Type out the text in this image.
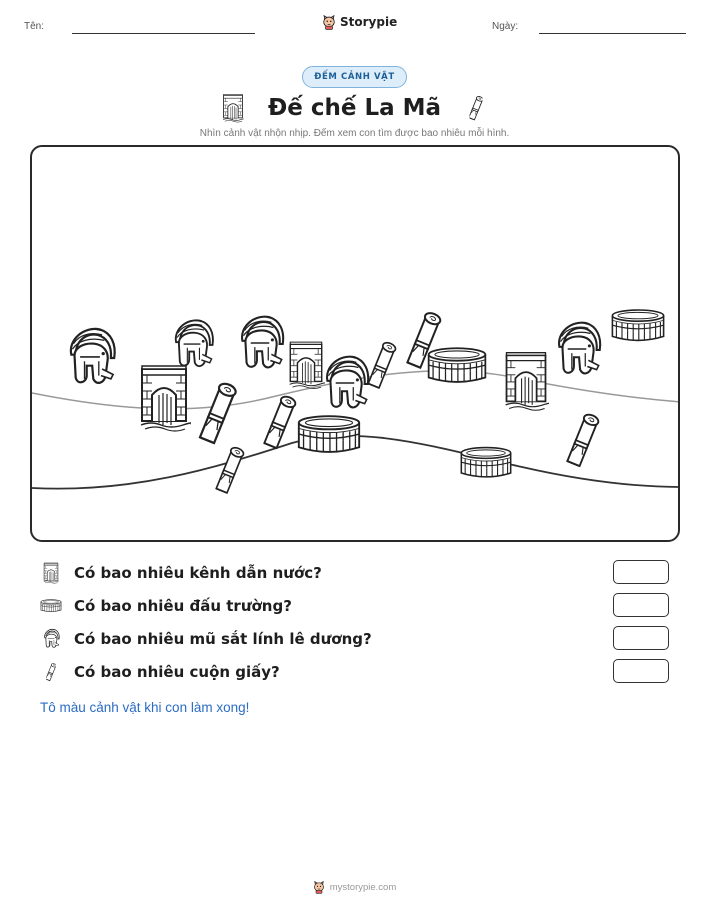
Tên:	Storypie	Ngày:
ĐẾM CẢNH VẬT
Đế chế La Mã
Nhìn cảnh vật nhộn nhịp. Đếm xem con tìm được bao nhiêu mỗi hình.
Có bao nhiêu kênh dẫn nước?
Có bao nhiêu đấu trường?
Có bao nhiêu mũ sắt lính lê dương?
Có bao nhiêu cuộn giấy?
Tô màu cảnh vật khi con làm xong!
mystorypie.com
